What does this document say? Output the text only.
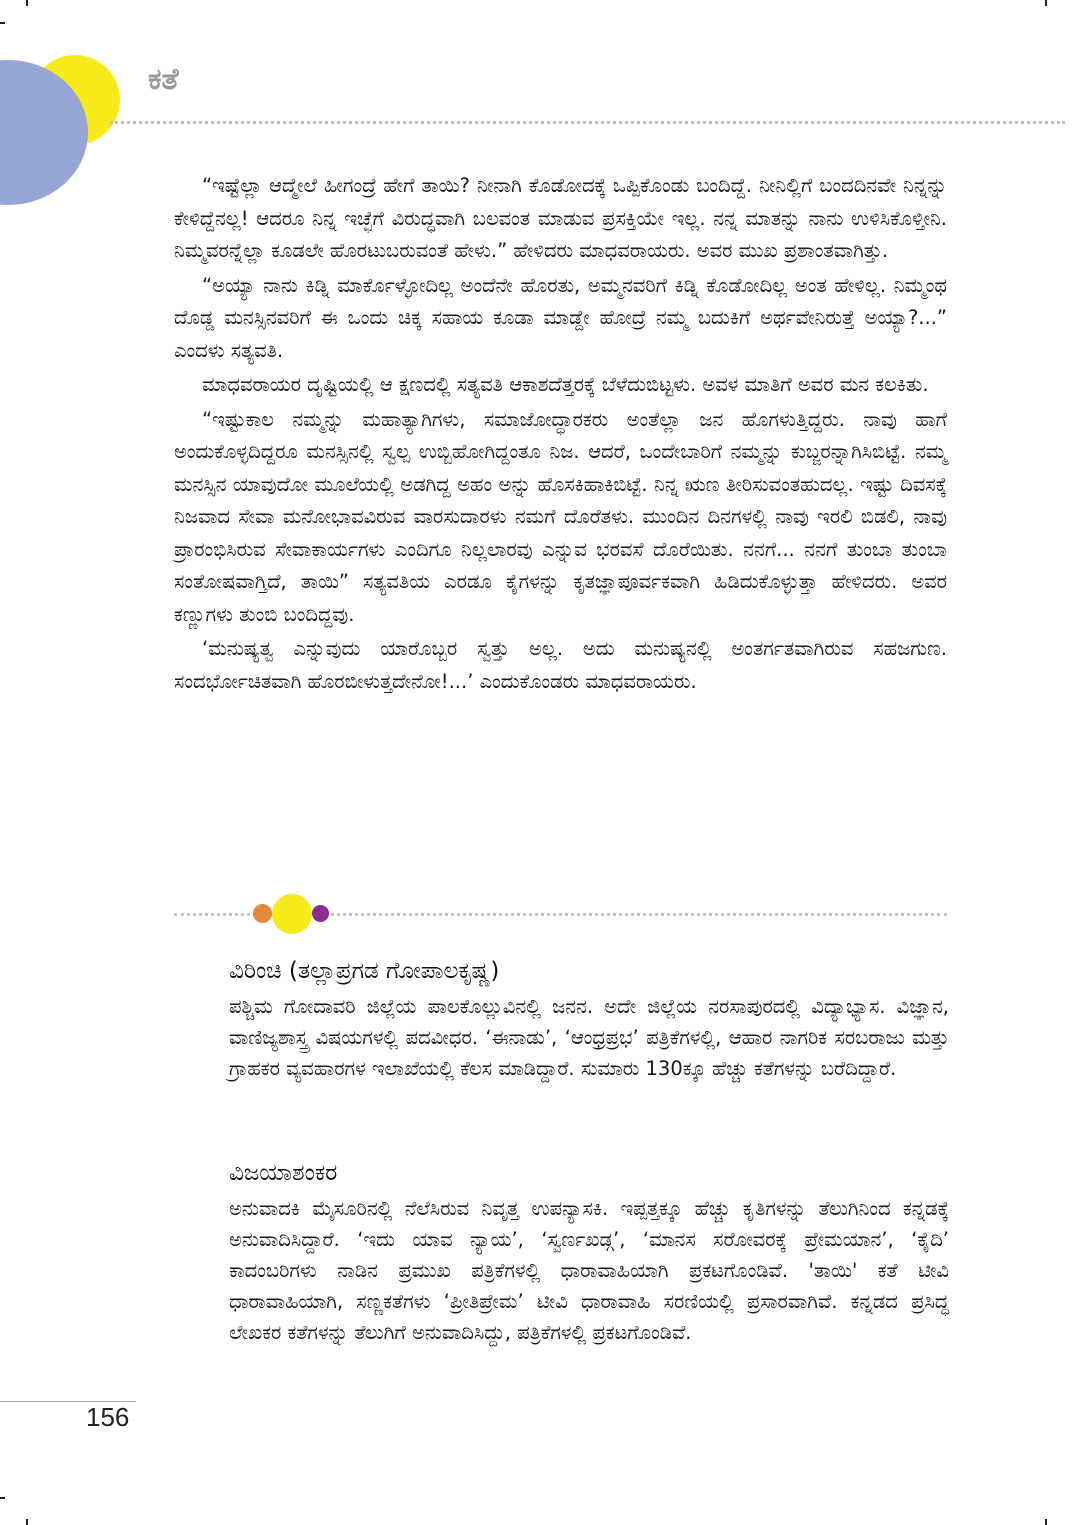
ಕತೆ

“ಇಷ್ಟೆಲ್ಲಾ ಆದ್ಮೇಲೆ ಹೀಗಂದ್ರೆ ಹೇಗೆ ತಾಯಿ? ನೀನಾಗಿ ಕೊಡೋದಕ್ಕೆ ಒಪ್ಪಿಕೊಂಡು ಬಂದಿದ್ದೆ. ನೀನಿಲ್ಲಿಗೆ ಬಂದದಿನವೇ ನಿನ್ನನ್ನು ಕೇಳಿದ್ದೆನಲ್ಲ! ಆದರೂ ನಿನ್ನ ಇಚ್ಛೆಗೆ ವಿರುದ್ಧವಾಗಿ ಬಲವಂತ ಮಾಡುವ ಪ್ರಸಕ್ತಿಯೇ ಇಲ್ಲ. ನನ್ನ ಮಾತನ್ನು ನಾನು ಉಳಿಸಿಕೊಳ್ತೀನಿ. ನಿಮ್ಮವರನ್ನೆಲ್ಲಾ ಕೂಡಲೇ ಹೊರಟುಬರುವಂತೆ ಹೇಳು.” ಹೇಳಿದರು ಮಾಧವರಾಯರು. ಅವರ ಮುಖ ಪ್ರಶಾಂತವಾಗಿತ್ತು.

“ಅಯ್ಯಾ ನಾನು ಕಿಡ್ನಿ ಮಾರ್ಕೊಳ್ಳೋದಿಲ್ಲ ಅಂದೆನೇ ಹೊರತು, ಅಮ್ಮನವರಿಗೆ ಕಿಡ್ನಿ ಕೊಡೋದಿಲ್ಲ ಅಂತ ಹೇಳಿಲ್ಲ. ನಿಮ್ಮಂಥ ದೊಡ್ಡ ಮನಸ್ಸಿನವರಿಗೆ ಈ ಒಂದು ಚಿಕ್ಕ ಸಹಾಯ ಕೂಡಾ ಮಾಡ್ದೇ ಹೋದ್ರೆ ನಮ್ಮ ಬದುಕಿಗೆ ಅರ್ಥವೇನಿರುತ್ತೆ ಅಯ್ಯಾ?...” ಎಂದಳು ಸತ್ಯವತಿ.

ಮಾಧವರಾಯರ ದೃಷ್ಟಿಯಲ್ಲಿ ಆ ಕ್ಷಣದಲ್ಲಿ ಸತ್ಯವತಿ ಆಕಾಶದೆತ್ತರಕ್ಕೆ ಬೆಳೆದುಬಿಟ್ಟಳು. ಅವಳ ಮಾತಿಗೆ ಅವರ ಮನ ಕಲಕಿತು.

“ಇಷ್ಟುಕಾಲ ನಮ್ಮನ್ನು ಮಹಾತ್ಯಾಗಿಗಳು, ಸಮಾಜೋದ್ಧಾರಕರು ಅಂತೆಲ್ಲಾ ಜನ ಹೊಗಳುತ್ತಿದ್ದರು. ನಾವು ಹಾಗೆ ಅಂದುಕೊಳ್ಳದಿದ್ದರೂ ಮನಸ್ಸಿನಲ್ಲಿ ಸ್ವಲ್ಪ ಉಬ್ಬಿಹೋಗಿದ್ದಂತೂ ನಿಜ. ಆದರೆ, ಒಂದೇಬಾರಿಗೆ ನಮ್ಮನ್ನು ಕುಬ್ಜರನ್ನಾಗಿಸಿಬಿಟ್ಟೆ. ನಮ್ಮ ಮನಸ್ಸಿನ ಯಾವುದೋ ಮೂಲೆಯಲ್ಲಿ ಅಡಗಿದ್ದ ಅಹಂ ಅನ್ನು ಹೊಸಕಿಹಾಕಿಬಿಟ್ಟೆ. ನಿನ್ನ ಋಣ ತೀರಿಸುವಂತಹುದಲ್ಲ. ಇಷ್ಟು ದಿವಸಕ್ಕೆ ನಿಜವಾದ ಸೇವಾ ಮನೋಭಾವವಿರುವ ವಾರಸುದಾರಳು ನಮಗೆ ದೊರೆತಳು. ಮುಂದಿನ ದಿನಗಳಲ್ಲಿ ನಾವು ಇರಲಿ ಬಿಡಲಿ, ನಾವು ಪ್ರಾರಂಭಿಸಿರುವ ಸೇವಾಕಾರ್ಯಗಳು ಎಂದಿಗೂ ನಿಲ್ಲಲಾರವು ಎನ್ನುವ ಭರವಸೆ ದೊರೆಯಿತು. ನನಗೆ... ನನಗೆ ತುಂಬಾ ತುಂಬಾ ಸಂತೋಷವಾಗ್ತಿದೆ, ತಾಯಿ” ಸತ್ಯವತಿಯ ಎರಡೂ ಕೈಗಳನ್ನು ಕೃತಜ್ಞಾಪೂರ್ವಕವಾಗಿ ಹಿಡಿದುಕೊಳ್ಳುತ್ತಾ ಹೇಳಿದರು. ಅವರ ಕಣ್ಣುಗಳು ತುಂಬಿ ಬಂದಿದ್ದವು.

‘ಮನುಷ್ಯತ್ವ ಎನ್ನುವುದು ಯಾರೊಬ್ಬರ ಸ್ವತ್ತು ಅಲ್ಲ. ಅದು ಮನುಷ್ಯನಲ್ಲಿ ಅಂತರ್ಗತವಾಗಿರುವ ಸಹಜಗುಣ. ಸಂದರ್ಭೋಚಿತವಾಗಿ ಹೊರಬೀಳುತ್ತದೇನೋ!...’ ಎಂದುಕೊಂಡರು ಮಾಧವರಾಯರು.

ವಿರಿಂಚಿ (ತಲ್ಲಾಪ್ರಗಡ ಗೋಪಾಲಕೃಷ್ಣ)

ಪಶ್ಚಿಮ ಗೋದಾವರಿ ಜಿಲ್ಲೆಯ ಪಾಲಕೊಲ್ಲುವಿನಲ್ಲಿ ಜನನ. ಅದೇ ಜಿಲ್ಲೆಯ ನರಸಾಪುರದಲ್ಲಿ ವಿದ್ಯಾಭ್ಯಾಸ. ವಿಜ್ಞಾನ, ವಾಣಿಜ್ಯಶಾಸ್ತ್ರ ವಿಷಯಗಳಲ್ಲಿ ಪದವೀಧರ. ‘ಈನಾಡು’, ‘ಆಂಧ್ರಪ್ರಭ’ ಪತ್ರಿಕೆಗಳಲ್ಲಿ, ಆಹಾರ ನಾಗರಿಕ ಸರಬರಾಜು ಮತ್ತು ಗ್ರಾಹಕರ ವ್ಯವಹಾರಗಳ ಇಲಾಖೆಯಲ್ಲಿ ಕೆಲಸ ಮಾಡಿದ್ದಾರೆ. ಸುಮಾರು 130ಕ್ಕೂ ಹೆಚ್ಚು ಕತೆಗಳನ್ನು ಬರೆದಿದ್ದಾರೆ.

ವಿಜಯಾಶಂಕರ

ಅನುವಾದಕಿ ಮೈಸೂರಿನಲ್ಲಿ ನೆಲೆಸಿರುವ ನಿವೃತ್ತ ಉಪನ್ಯಾಸಕಿ. ಇಪ್ಪತ್ತಕ್ಕೂ ಹೆಚ್ಚು ಕೃತಿಗಳನ್ನು ತೆಲುಗಿನಿಂದ ಕನ್ನಡಕ್ಕೆ ಅನುವಾದಿಸಿದ್ದಾರೆ. ‘ಇದು ಯಾವ ನ್ಯಾಯ’, ‘ಸ್ವರ್ಣಖಡ್ಗ’, ‘ಮಾನಸ ಸರೋವರಕ್ಕೆ ಪ್ರೇಮಯಾನ’, ‘ಕೈದಿ’ ಕಾದಂಬರಿಗಳು ನಾಡಿನ ಪ್ರಮುಖ ಪತ್ರಿಕೆಗಳಲ್ಲಿ ಧಾರಾವಾಹಿಯಾಗಿ ಪ್ರಕಟಗೊಂಡಿವೆ. 'ತಾಯಿ' ಕತೆ ಟೀವಿ ಧಾರಾವಾಹಿಯಾಗಿ, ಸಣ್ಣಕತೆಗಳು ‘ಪ್ರೀತಿಪ್ರೇಮ’ ಟೀವಿ ಧಾರಾವಾಹಿ ಸರಣಿಯಲ್ಲಿ ಪ್ರಸಾರವಾಗಿವೆ. ಕನ್ನಡದ ಪ್ರಸಿದ್ಧ ಲೇಖಕರ ಕತೆಗಳನ್ನು ತೆಲುಗಿಗೆ ಅನುವಾದಿಸಿದ್ದು, ಪತ್ರಿಕೆಗಳಲ್ಲಿ ಪ್ರಕಟಗೊಂಡಿವೆ.

156
